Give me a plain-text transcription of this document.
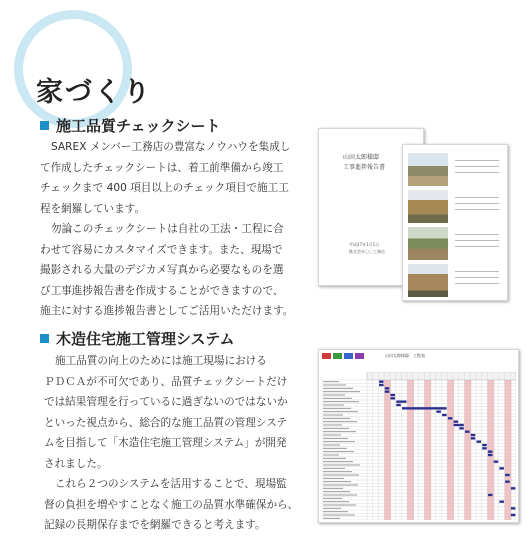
家づくり
施工品質チェックシート
SAREX メンバー工務店の豊富なノウハウを集成し
て作成したチェックシートは、着工前準備から竣工
チェックまで 400 項目以上のチェック項目で施工工
程を網羅しています。
勿論このチェックシートは自社の工法・工程に合
わせて容易にカスタマイズできます。また、現場で
撮影される大量のデジカメ写真から必要なものを選
び工事進捗報告書を作成することができますので、
施主に対する進捗報告書としてご活用いただけます。
木造住宅施工管理システム
施工品質の向上のためには施工現場における
ＰＤＣＡが不可欠であり、品質チェックシートだけ
では結果管理を行っているに過ぎないのではないか
といった視点から、総合的な施工品質の管理システ
ムを目指して「木造住宅施工管理システム」が開発
されました。
これら２つのシステムを活用することで、現場監
督の負担を増やすことなく施工の品質水準確保から、
記録の長期保存までを網羅できると考えます。
山田太郎様邸
工事進捗報告書
平成27年1月1日
株式会社〇〇工務店
山田太郎様邸　工程表
